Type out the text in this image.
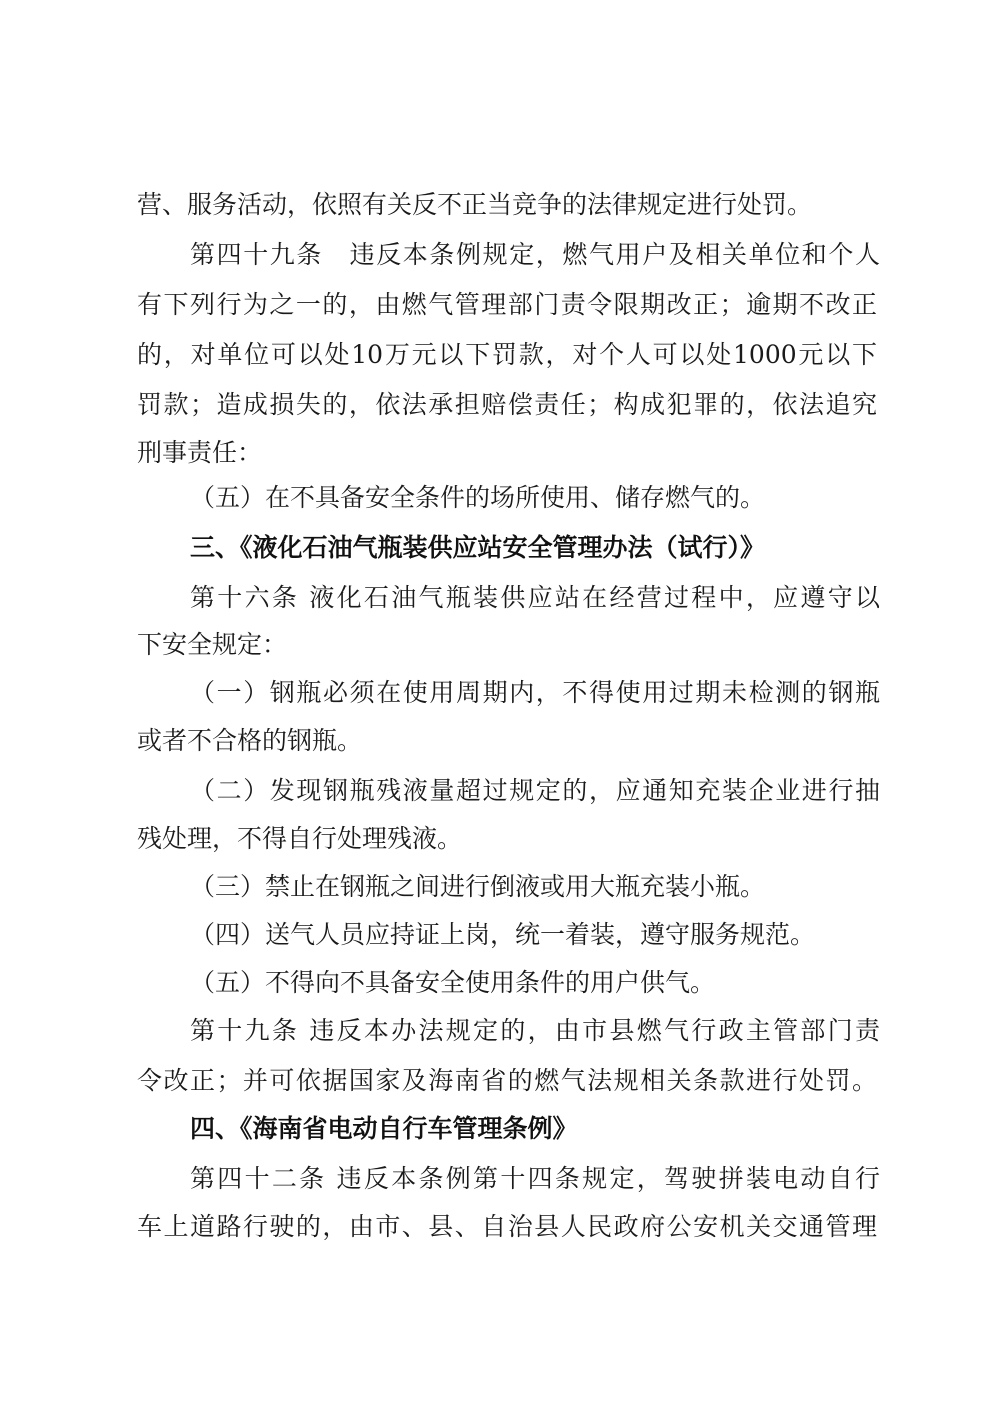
营、服务活动，依照有关反不正当竞争的法律规定进行处罚。
第四十九条　违反本条例规定，燃气用户及相关单位和个人
有下列行为之一的，由燃气管理部门责令限期改正；逾期不改正
的，对单位可以处10万元以下罚款，对个人可以处1000元以下
罚款；造成损失的，依法承担赔偿责任；构成犯罪的，依法追究
刑事责任：
（五）在不具备安全条件的场所使用、储存燃气的。
三、《液化石油气瓶装供应站安全管理办法（试行）》
第十六条 液化石油气瓶装供应站在经营过程中，应遵守以
下安全规定：
（一）钢瓶必须在使用周期内，不得使用过期未检测的钢瓶
或者不合格的钢瓶。
（二）发现钢瓶残液量超过规定的，应通知充装企业进行抽
残处理，不得自行处理残液。
（三）禁止在钢瓶之间进行倒液或用大瓶充装小瓶。
（四）送气人员应持证上岗，统一着装，遵守服务规范。
（五）不得向不具备安全使用条件的用户供气。
第十九条 违反本办法规定的，由市县燃气行政主管部门责
令改正；并可依据国家及海南省的燃气法规相关条款进行处罚。
四、《海南省电动自行车管理条例》
第四十二条 违反本条例第十四条规定，驾驶拼装电动自行
车上道路行驶的，由市、县、自治县人民政府公安机关交通管理
